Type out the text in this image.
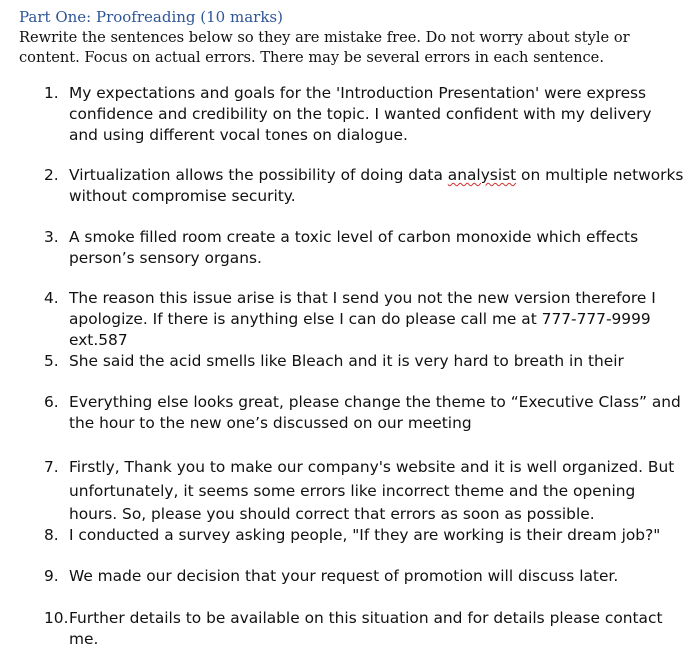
Part One: Proofreading (10 marks)
Rewrite the sentences below so they are mistake free. Do not worry about style or content. Focus on actual errors. There may be several errors in each sentence.
1. My expectations and goals for the 'Introduction Presentation' were express confidence and credibility on the topic. I wanted confident with my delivery and using different vocal tones on dialogue.
2. Virtualization allows the possibility of doing data analysist on multiple networks without compromise security.
3. A smoke filled room create a toxic level of carbon monoxide which effects person’s sensory organs.
4. The reason this issue arise is that I send you not the new version therefore I apologize. If there is anything else I can do please call me at 777-777-9999 ext.587
5. She said the acid smells like Bleach and it is very hard to breath in their
6. Everything else looks great, please change the theme to “Executive Class” and the hour to the new one’s discussed on our meeting
7. Firstly, Thank you to make our company's website and it is well organized. But unfortunately, it seems some errors like incorrect theme and the opening hours. So, please you should correct that errors as soon as possible.
8. I conducted a survey asking people, "If they are working is their dream job?"
9. We made our decision that your request of promotion will discuss later.
10. Further details to be available on this situation and for details please contact me.
